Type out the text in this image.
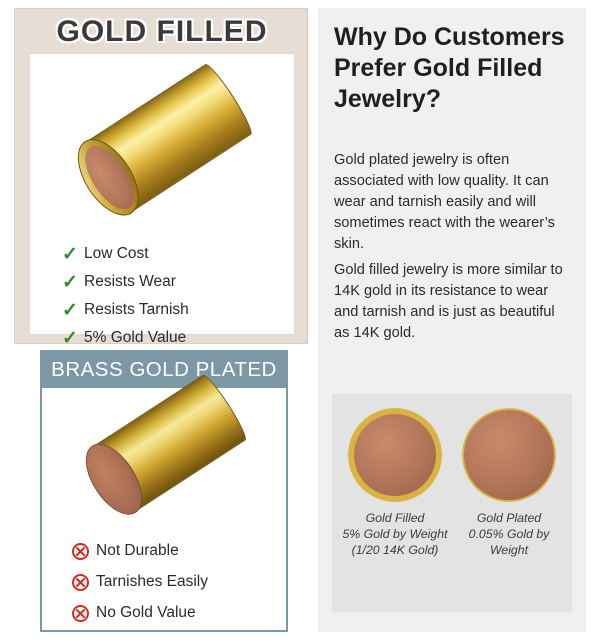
GOLD FILLED
✓ Low Cost
✓ Resists Wear
✓ Resists Tarnish
✓ 5% Gold Value
BRASS GOLD PLATED
Not Durable
Tarnishes Easily
No Gold Value
Why Do Customers Prefer Gold Filled Jewelry?
Gold plated jewelry is often associated with low quality. It can wear and tarnish easily and will sometimes react with the wearer’s skin.
Gold filled jewelry is more similar to 14K gold in its resistance to wear and tarnish and is just as beautiful as 14K gold.
Gold Filled
5% Gold by Weight
(1/20 14K Gold)
Gold Plated
0.05% Gold by Weight
